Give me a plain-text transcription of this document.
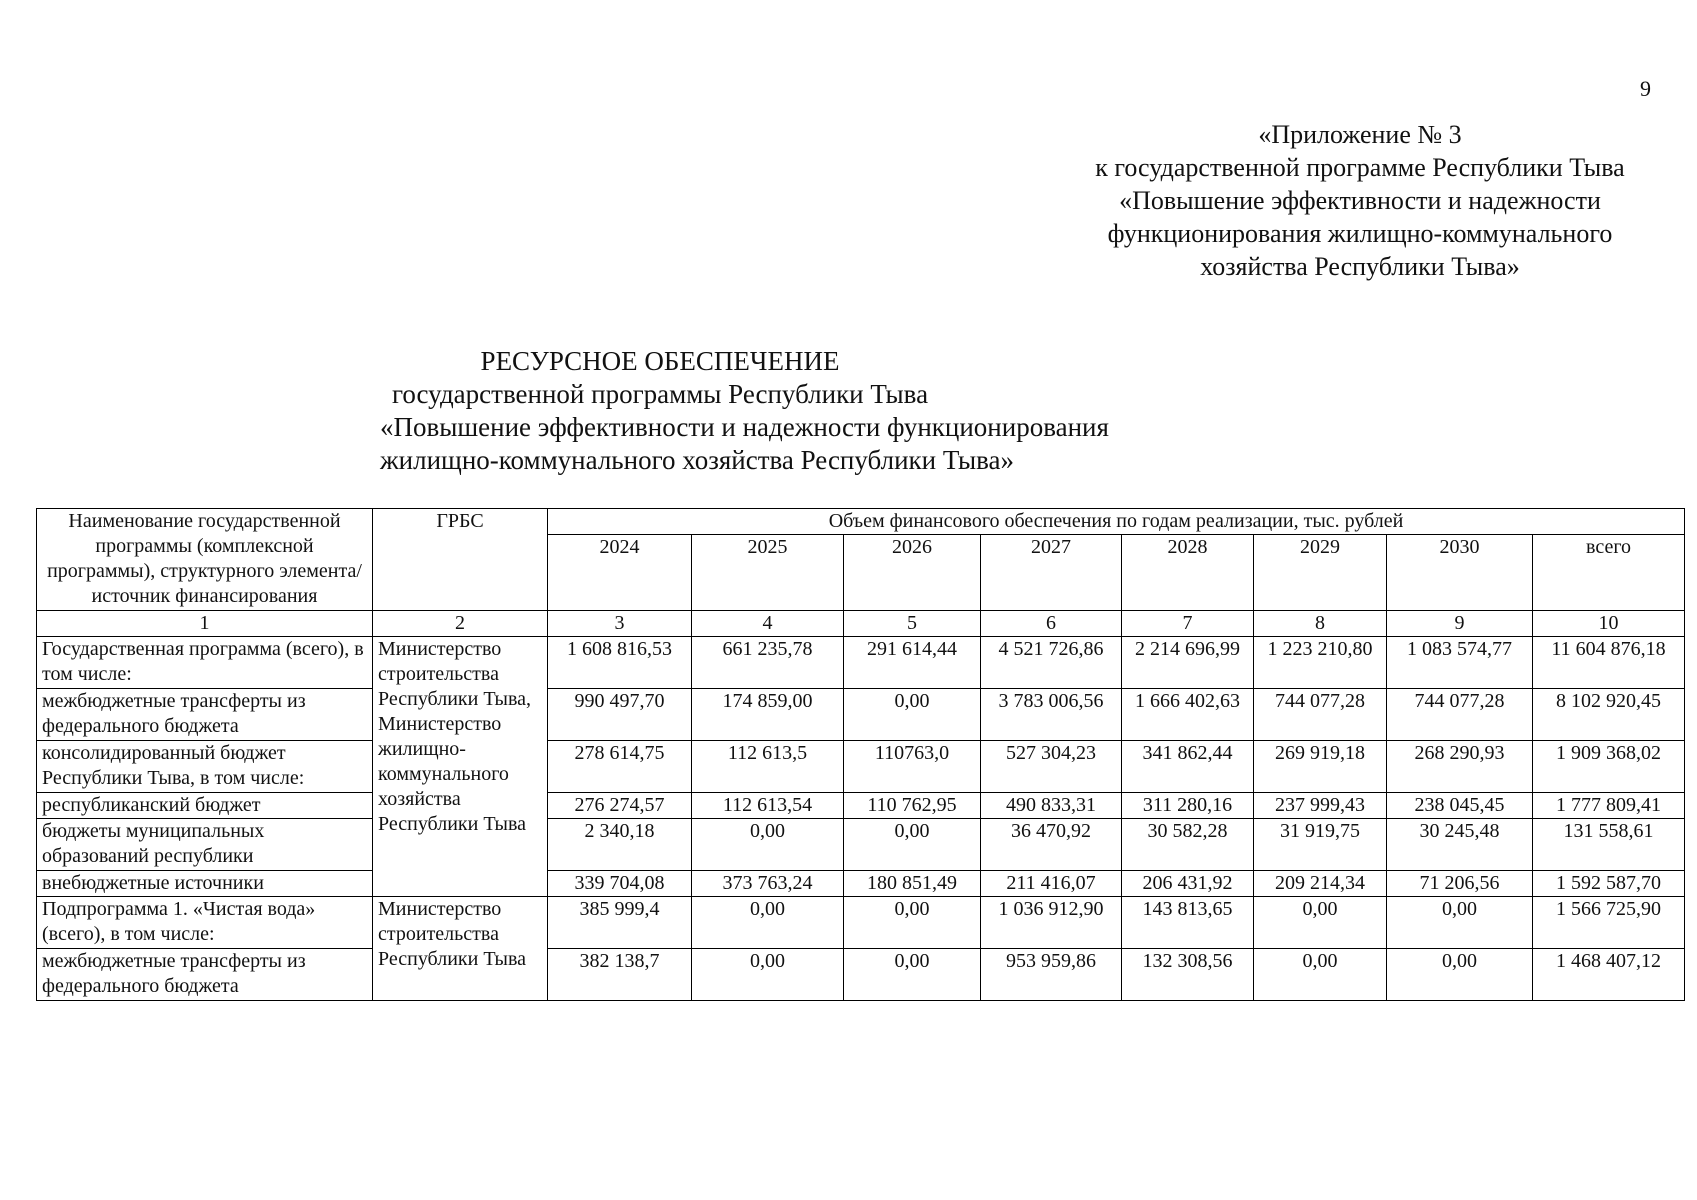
9
«Приложение № 3
к государственной программе Республики Тыва
«Повышение эффективности и надежности
функционирования жилищно-коммунального
хозяйства Республики Тыва»
РЕСУРСНОЕ ОБЕСПЕЧЕНИЕ
государственной программы Республики Тыва
«Повышение эффективности и надежности функционирования
жилищно-коммунального хозяйства Республики Тыва»
Наименование государственной программы (комплексной программы), структурного элемента/источник финансирования	ГРБС	Объем финансового обеспечения по годам реализации, тыс. рублей							
		2024	2025	2026	2027	2028	2029	2030	всего
1	2	3	4	5	6	7	8	9	10
Государственная программа (всего), в том числе:	Министерство строительства Республики Тыва, Министерство жилищно-коммунального хозяйства Республики Тыва	1 608 816,53	661 235,78	291 614,44	4 521 726,86	2 214 696,99	1 223 210,80	1 083 574,77	11 604 876,18
межбюджетные трансферты из федерального бюджета		990 497,70	174 859,00	0,00	3 783 006,56	1 666 402,63	744 077,28	744 077,28	8 102 920,45
консолидированный бюджет Республики Тыва, в том числе:		278 614,75	112 613,5	110763,0	527 304,23	341 862,44	269 919,18	268 290,93	1 909 368,02
республиканский бюджет		276 274,57	112 613,54	110 762,95	490 833,31	311 280,16	237 999,43	238 045,45	1 777 809,41
бюджеты муниципальных образований республики		2 340,18	0,00	0,00	36 470,92	30 582,28	31 919,75	30 245,48	131 558,61
внебюджетные источники		339 704,08	373 763,24	180 851,49	211 416,07	206 431,92	209 214,34	71 206,56	1 592 587,70
Подпрограмма 1. «Чистая вода» (всего), в том числе:	Министерство строительства Республики Тыва	385 999,4	0,00	0,00	1 036 912,90	143 813,65	0,00	0,00	1 566 725,90
межбюджетные трансферты из федерального бюджета		382 138,7	0,00	0,00	953 959,86	132 308,56	0,00	0,00	1 468 407,12
